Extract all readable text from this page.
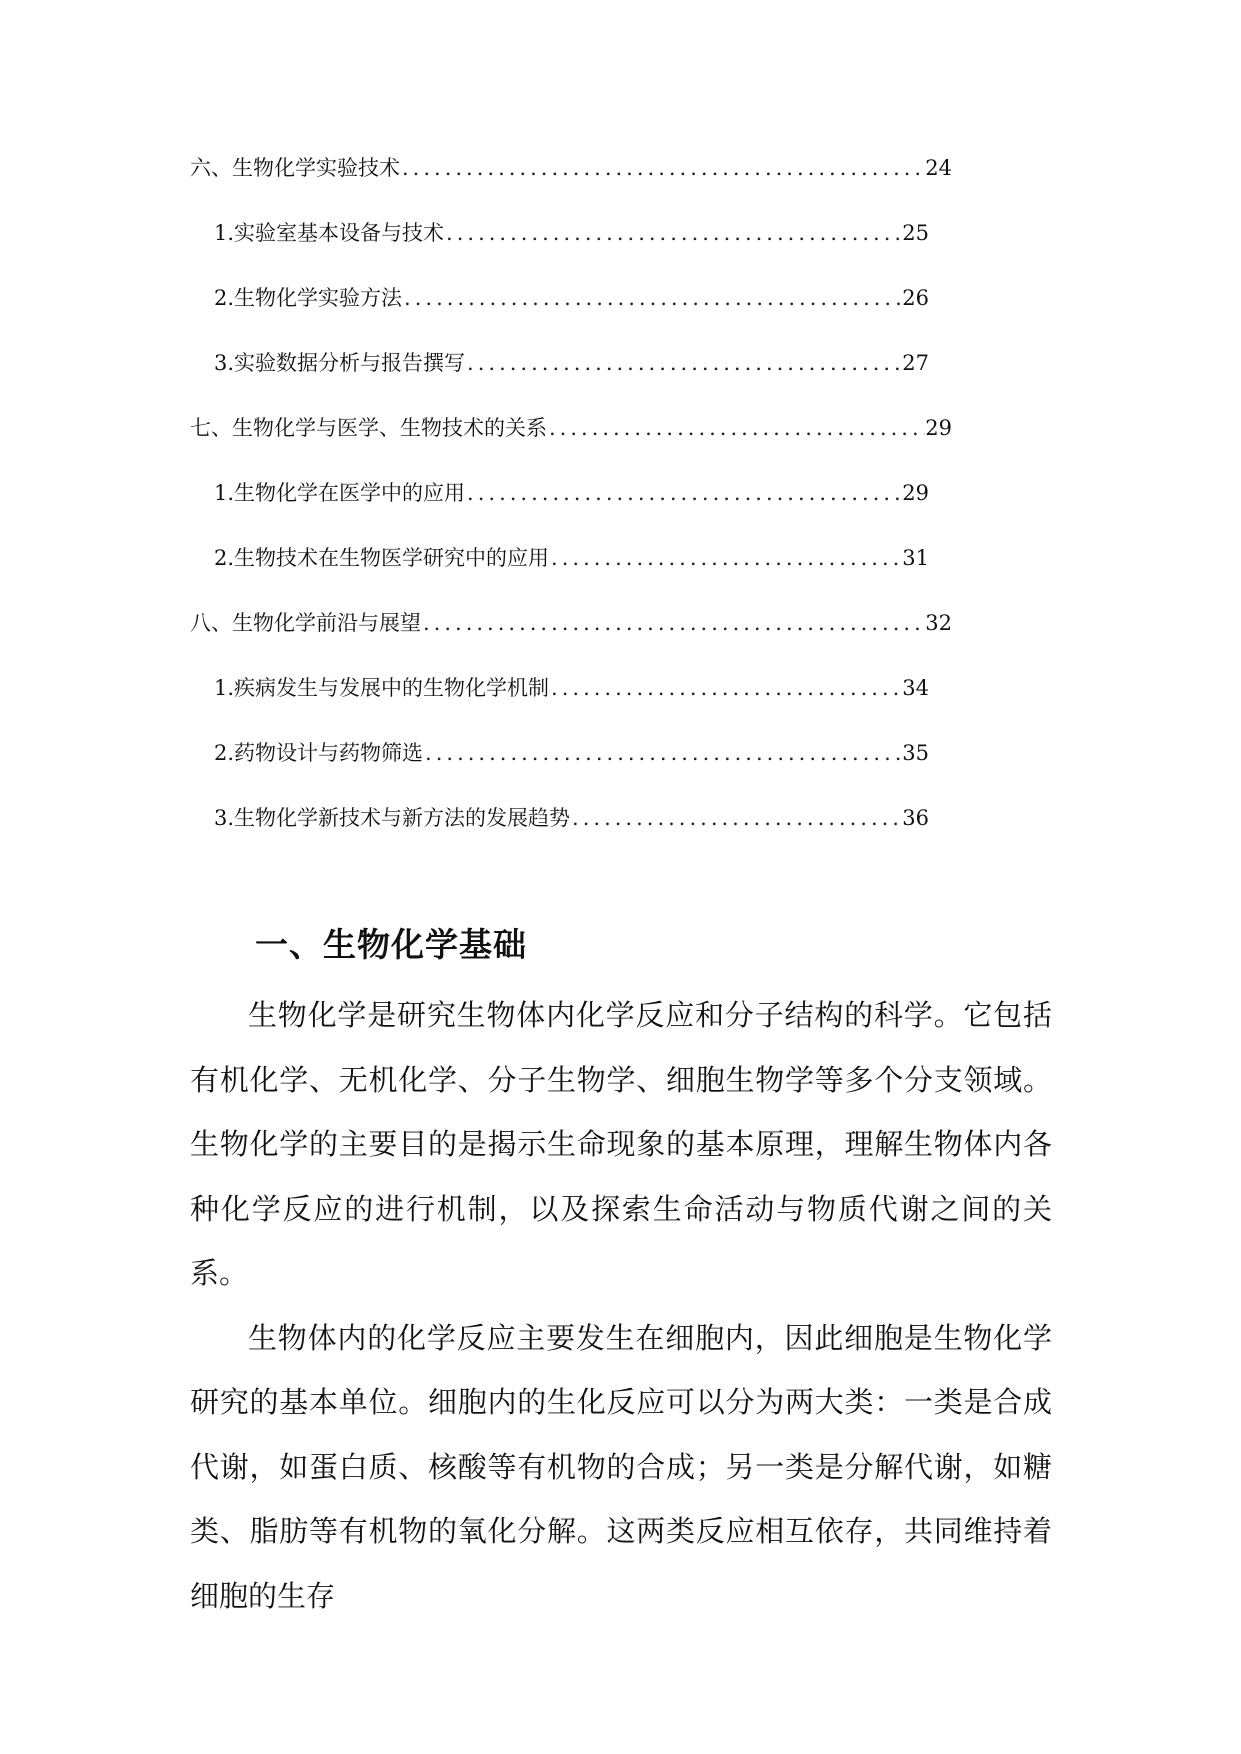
六、生物化学实验技术 .....	24
1. 实验室基本设备与技术 .....	25
2. 生物化学实验方法 .....	26
3. 实验数据分析与报告撰写 .....	27
七、生物化学与医学、生物技术的关系 .....	29
1. 生物化学在医学中的应用 .....	29
2. 生物技术在生物医学研究中的应用 .....	31
八、生物化学前沿与展望 .....	32
1. 疾病发生与发展中的生物化学机制 .....	34
2. 药物设计与药物筛选 .....	35
3. 生物化学新技术与新方法的发展趋势 .....	36
一、生物化学基础

生物化学是研究生物体内化学反应和分子结构的科学。它包括有机化学、无机化学、分子生物学、细胞生物学等多个分支领域。生物化学的主要目的是揭示生命现象的基本原理，理解生物体内各种化学反应的进行机制，以及探索生命活动与物质代谢之间的关系。

生物体内的化学反应主要发生在细胞内，因此细胞是生物化学研究的基本单位。细胞内的生化反应可以分为两大类：一类是合成代谢，如蛋白质、核酸等有机物的合成；另一类是分解代谢，如糖类、脂肪等有机物的氧化分解。这两类反应相互依存，共同维持着细胞的生存
